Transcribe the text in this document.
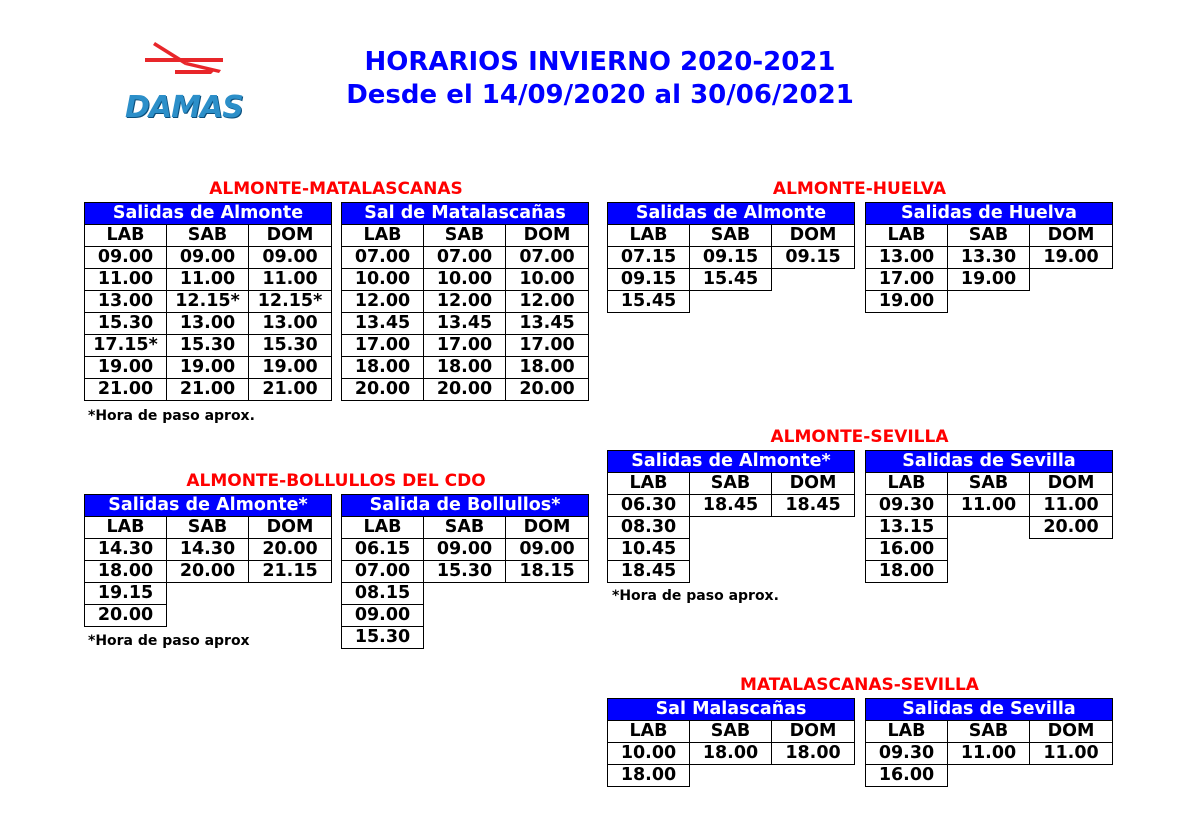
DAMAS
HORARIOS INVIERNO 2020-2021
Desde el 14/09/2020 al 30/06/2021
ALMONTE-MATALASCANAS
Salidas de Almonte		
LAB	SAB	DOM
09.00	09.00	09.00
11.00	11.00	11.00
13.00	12.15*	12.15*
15.30	13.00	13.00
17.15*	15.30	15.30
19.00	19.00	19.00
21.00	21.00	21.00
Sal de Matalascañas		
LAB	SAB	DOM
07.00	07.00	07.00
10.00	10.00	10.00
12.00	12.00	12.00
13.45	13.45	13.45
17.00	17.00	17.00
18.00	18.00	18.00
20.00	20.00	20.00
*Hora de paso aprox.
ALMONTE-HUELVA
Salidas de Almonte		
LAB	SAB	DOM
07.15	09.15	09.15
09.15	15.45	
15.45		
Salidas de Huelva		
LAB	SAB	DOM
13.00	13.30	19.00
17.00	19.00	
19.00		
ALMONTE-SEVILLA
Salidas de Almonte*		
LAB	SAB	DOM
06.30	18.45	18.45
08.30		
10.45		
18.45		
Salidas de Sevilla		
LAB	SAB	DOM
09.30	11.00	11.00
13.15		20.00
16.00		
18.00		
*Hora de paso aprox.
ALMONTE-BOLLULLOS DEL CDO
Salidas de Almonte*		
LAB	SAB	DOM
14.30	14.30	20.00
18.00	20.00	21.15
19.15		
20.00		
Salida de Bollullos*		
LAB	SAB	DOM
06.15	09.00	09.00
07.00	15.30	18.15
08.15		
09.00		
15.30		
*Hora de paso aprox
MATALASCANAS-SEVILLA
Sal Malascañas		
LAB	SAB	DOM
10.00	18.00	18.00
18.00		
Salidas de Sevilla		
LAB	SAB	DOM
09.30	11.00	11.00
16.00		
